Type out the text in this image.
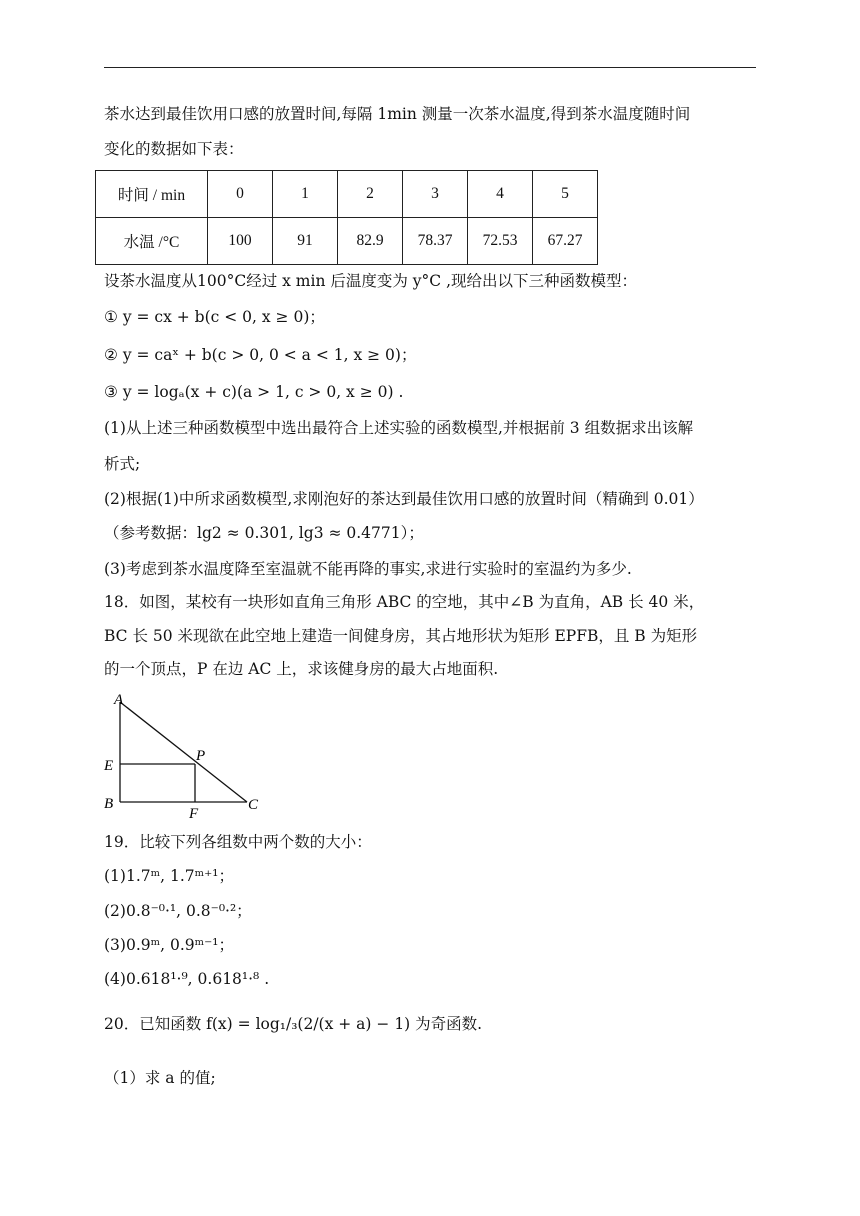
茶水达到最佳饮用口感的放置时间,每隔 1min 测量一次茶水温度,得到茶水温度随时间
变化的数据如下表：
时间 / min	0	1	2	3	4	5
水温 /°C	100	91	82.9	78.37	72.53	67.27
设茶水温度从100°C经过 x min 后温度变为 y°C ,现给出以下三种函数模型：
① y = cx + b(c < 0, x ≥ 0)；
② y = caˣ + b(c > 0, 0 < a < 1, x ≥ 0)；
③ y = logₐ(x + c)(a > 1, c > 0, x ≥ 0) .
(1)从上述三种函数模型中选出最符合上述实验的函数模型,并根据前 3 组数据求出该解
析式;
(2)根据(1)中所求函数模型,求刚泡好的茶达到最佳饮用口感的放置时间（精确到 0.01）
（参考数据：lg2 ≈ 0.301, lg3 ≈ 0.4771）；
(3)考虑到茶水温度降至室温就不能再降的事实,求进行实验时的室温约为多少.
18．如图，某校有一块形如直角三角形 ABC 的空地，其中∠B 为直角，AB 长 40 米，
BC 长 50 米现欲在此空地上建造一间健身房，其占地形状为矩形 EPFB，且 B 为矩形
的一个顶点，P 在边 AC 上，求该健身房的最大占地面积.
A
E
B
P
F
C
19．比较下列各组数中两个数的大小：
(1)1.7ᵐ, 1.7ᵐ⁺¹；
(2)0.8⁻⁰·¹, 0.8⁻⁰·²；
(3)0.9ᵐ, 0.9ᵐ⁻¹；
(4)0.618¹·⁹, 0.618¹·⁸ .
20．已知函数 f(x) = log₁/₃(2/(x + a) − 1) 为奇函数.
（1）求 a 的值;
